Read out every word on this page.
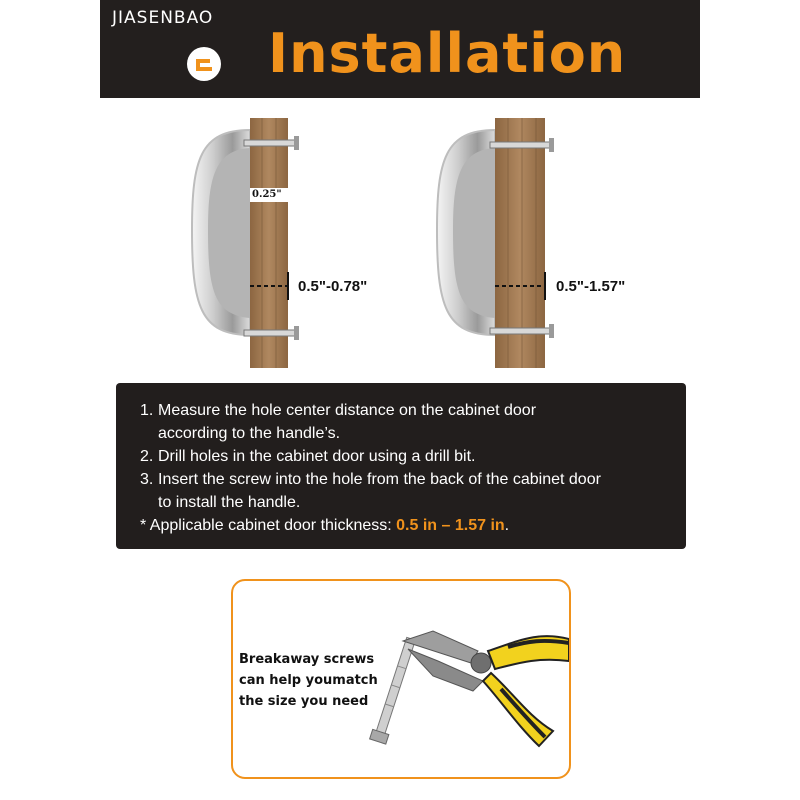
JIASENBAO
Installation
0.25"
0.5"-0.78"	0.5"-1.57"
1. Measure the hole center distance on the cabinet door
according to the handle’s.
2. Drill holes in the cabinet door using a drill bit.
3. Insert the screw into the hole from the back of the cabinet door
to install the handle.
* Applicable cabinet door thickness: 0.5 in – 1.57 in.
Breakaway screws
can help youmatch
the size you need
